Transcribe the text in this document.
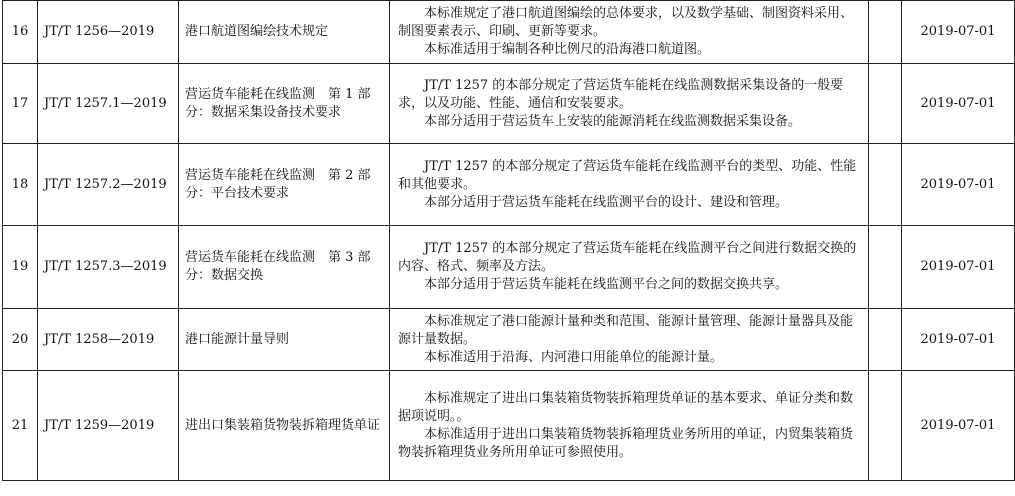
16	JT/T 1256—2019	港口航道图编绘技术规定	本标准规定了港口航道图编绘的总体要求，以及数学基础、制图资料采用、制图要素表示、印刷、更新等要求。

本标准适用于编制各种比例尺的沿海港口航道图。		2019-07-01
17	JT/T 1257.1—2019	营运货车能耗在线监测　第 1 部分：数据采集设备技术要求	JT/T 1257 的本部分规定了营运货车能耗在线监测数据采集设备的一般要求，以及功能、性能、通信和安装要求。

本部分适用于营运货车上安装的能源消耗在线监测数据采集设备。		2019-07-01
18	JT/T 1257.2—2019	营运货车能耗在线监测　第 2 部分：平台技术要求	JT/T 1257 的本部分规定了营运货车能耗在线监测平台的类型、功能、性能和其他要求。

本部分适用于营运货车能耗在线监测平台的设计、建设和管理。		2019-07-01
19	JT/T 1257.3—2019	营运货车能耗在线监测　第 3 部分：数据交换	JT/T 1257 的本部分规定了营运货车能耗在线监测平台之间进行数据交换的内容、格式、频率及方法。

本部分适用于营运货车能耗在线监测平台之间的数据交换共享。		2019-07-01
20	JT/T 1258—2019	港口能源计量导则	本标准规定了港口能源计量种类和范围、能源计量管理、能源计量器具及能源计量数据。

本标准适用于沿海、内河港口用能单位的能源计量。		2019-07-01
21	JT/T 1259—2019	进出口集装箱货物装拆箱理货单证	本标准规定了进出口集装箱货物装拆箱理货单证的基本要求、单证分类和数据项说明。。

本标准适用于进出口集装箱货物装拆箱理货业务所用的单证，内贸集装箱货物装拆箱理货业务所用单证可参照使用。		2019-07-01
